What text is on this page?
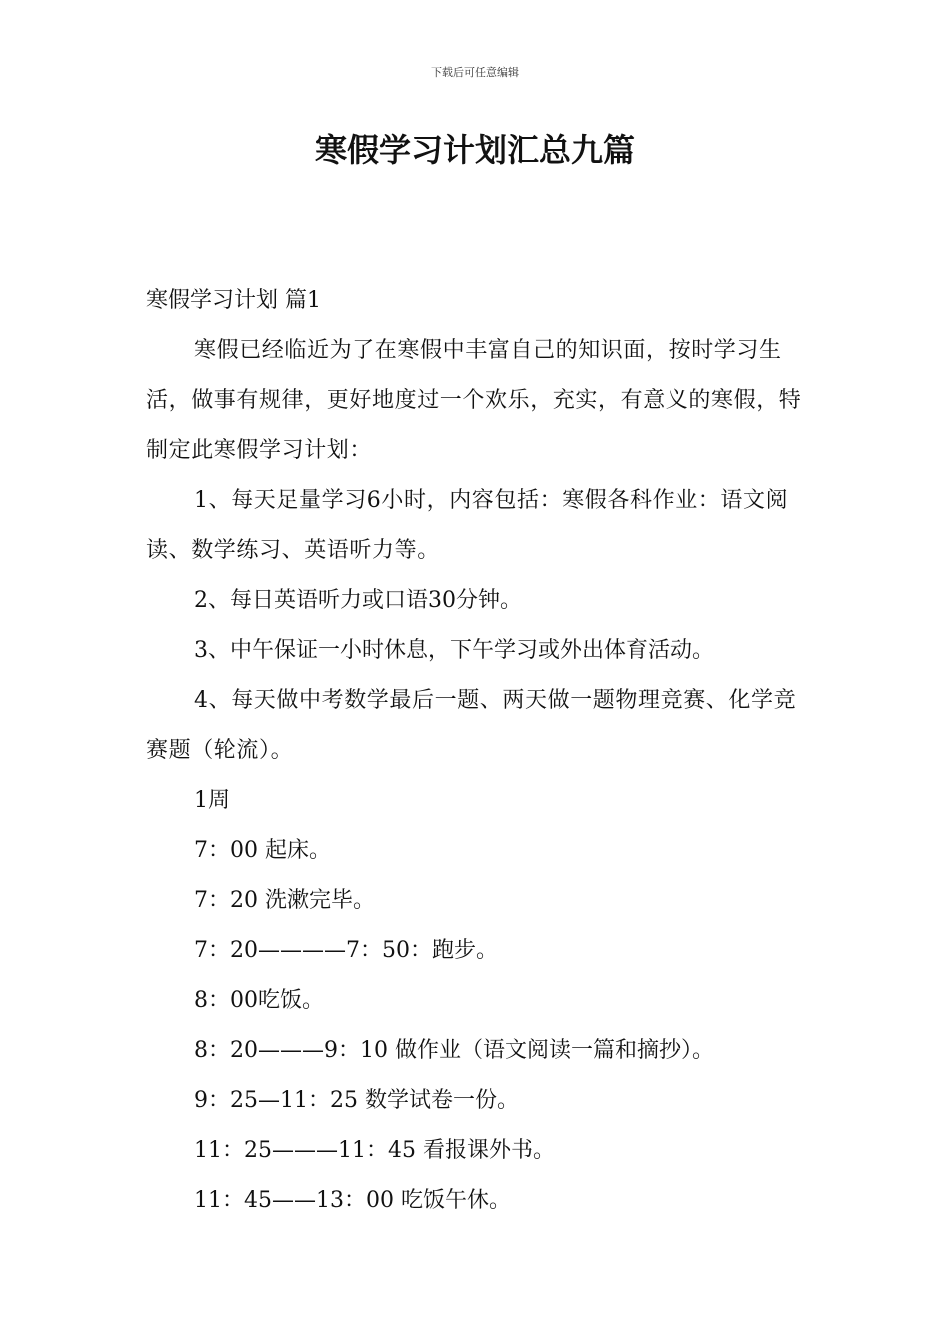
下载后可任意编辑
寒假学习计划汇总九篇

寒假学习计划 篇1

寒假已经临近为了在寒假中丰富自己的知识面，按时学习生活，做事有规律，更好地度过一个欢乐，充实，有意义的寒假，特制定此寒假学习计划：

1、每天足量学习6小时，内容包括：寒假各科作业：语文阅读、数学练习、英语听力等。

2、每日英语听力或口语30分钟。

3、中午保证一小时休息，下午学习或外出体育活动。

4、每天做中考数学最后一题、两天做一题物理竞赛、化学竞赛题（轮流）。

1周

7：00 起床。

7：20 洗漱完毕。

7：20————7：50：跑步。

8：00吃饭。

8：20———9：10 做作业（语文阅读一篇和摘抄）。

9：25—11：25 数学试卷一份。

11：25———11：45 看报课外书。

11：45——13：00 吃饭午休。
